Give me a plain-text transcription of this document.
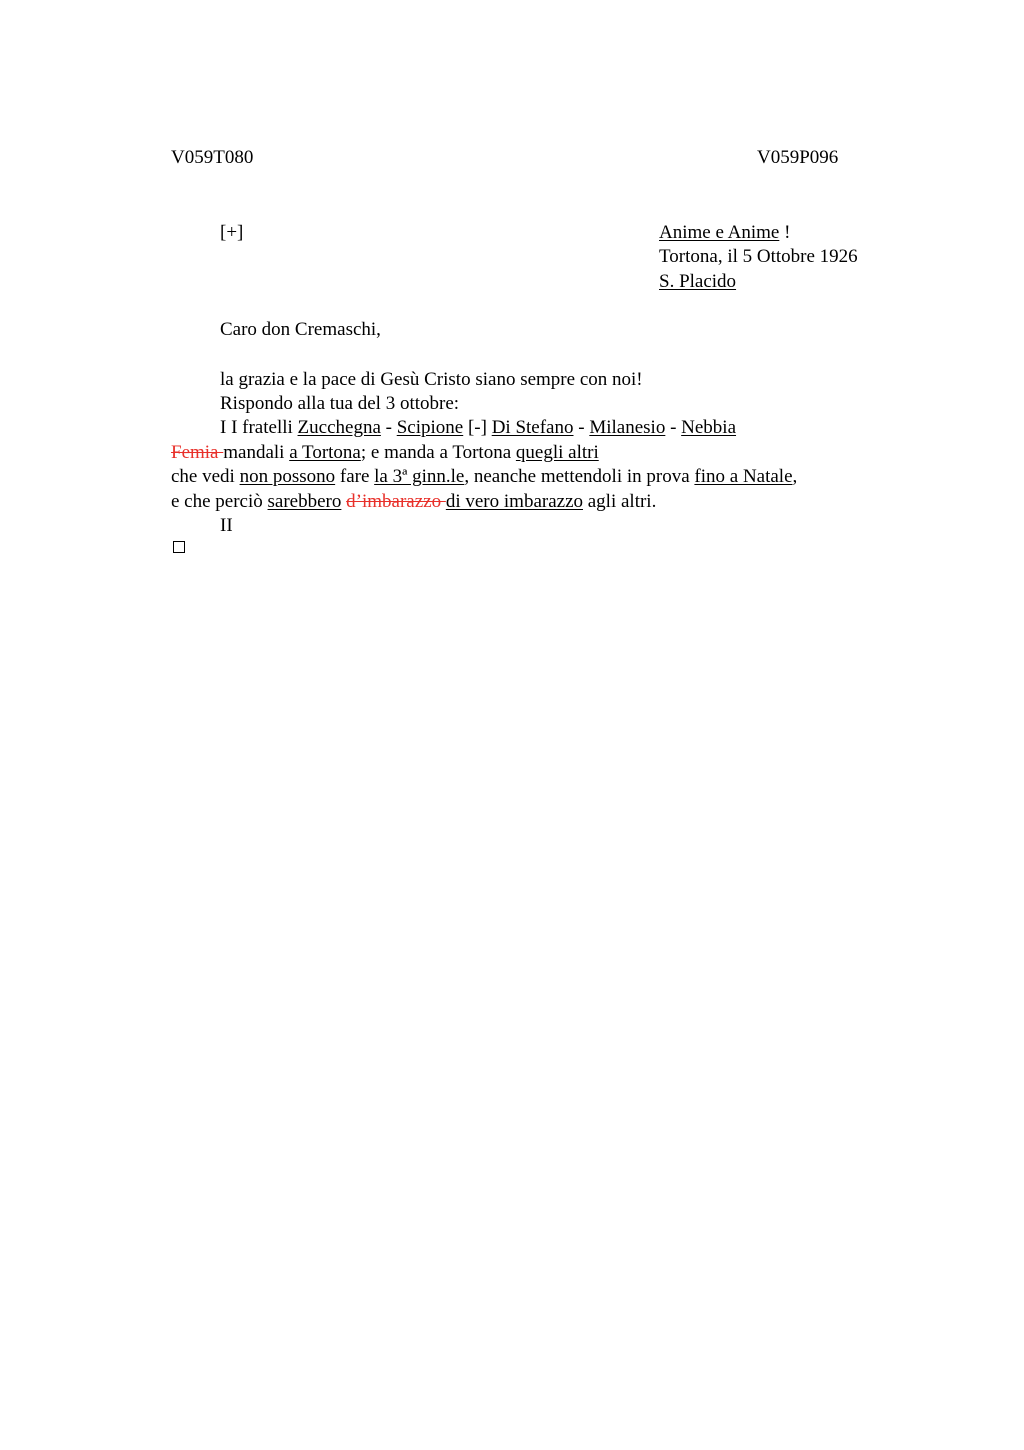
V059T080	V059P096
[+]	Anime e Anime !
Tortona, il 5 Ottobre 1926
S. Placido
Caro don Cremaschi,
la grazia e la pace di Gesù Cristo siano sempre con noi!
Rispondo alla tua del 3 ottobre:
I I fratelli Zucchegna - Scipione [-] Di Stefano - Milanesio - Nebbia
Femia mandali a Tortona; e manda a Tortona quegli altri
che vedi non possono fare la 3ª ginn.le, neanche mettendoli in prova fino a Natale,
e che perciò sarebbero d’imbarazzo di vero imbarazzo agli altri.
II
